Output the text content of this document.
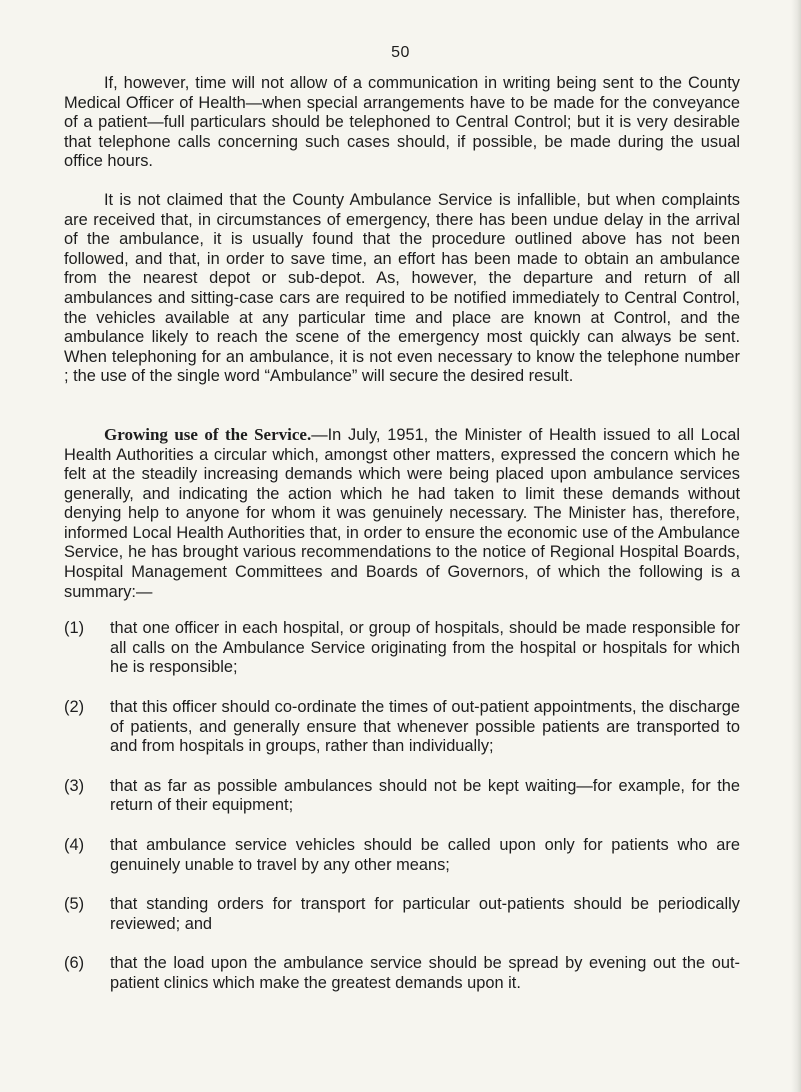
50

If, however, time will not allow of a communication in writing being sent to the County Medical Officer of Health—when special arrangements have to be made for the conveyance of a patient—full particulars should be telephoned to Central Control; but it is very desirable that telephone calls concerning such cases should, if possible, be made during the usual office hours.

It is not claimed that the County Ambulance Service is infallible, but when complaints are received that, in circumstances of emergency, there has been undue delay in the arrival of the ambulance, it is usually found that the procedure outlined above has not been followed, and that, in order to save time, an effort has been made to obtain an ambulance from the nearest depot or sub-depot. As, however, the departure and return of all ambulances and sitting-case cars are required to be notified immediately to Central Control, the vehicles available at any particular time and place are known at Control, and the ambulance likely to reach the scene of the emergency most quickly can always be sent. When telephoning for an ambulance, it is not even necessary to know the telephone number ; the use of the single word “Ambulance” will secure the desired result.

Growing use of the Service.—In July, 1951, the Minister of Health issued to all Local Health Authorities a circular which, amongst other matters, expressed the concern which he felt at the steadily increasing demands which were being placed upon ambulance services generally, and indicating the action which he had taken to limit these demands without denying help to anyone for whom it was genuinely necessary. The Minister has, therefore, informed Local Health Authorities that, in order to ensure the economic use of the Ambulance Service, he has brought various recommendations to the notice of Regional Hospital Boards, Hospital Management Committees and Boards of Governors, of which the following is a summary:—

(1) that one officer in each hospital, or group of hospitals, should be made responsible for all calls on the Ambulance Service originating from the hospital or hospitals for which he is responsible;
(2) that this officer should co-ordinate the times of out-patient appointments, the discharge of patients, and generally ensure that whenever possible patients are transported to and from hospitals in groups, rather than individually;
(3) that as far as possible ambulances should not be kept waiting—for example, for the return of their equipment;
(4) that ambulance service vehicles should be called upon only for patients who are genuinely unable to travel by any other means;
(5) that standing orders for transport for particular out-patients should be periodically reviewed; and
(6) that the load upon the ambulance service should be spread by evening out the out-patient clinics which make the greatest demands upon it.
